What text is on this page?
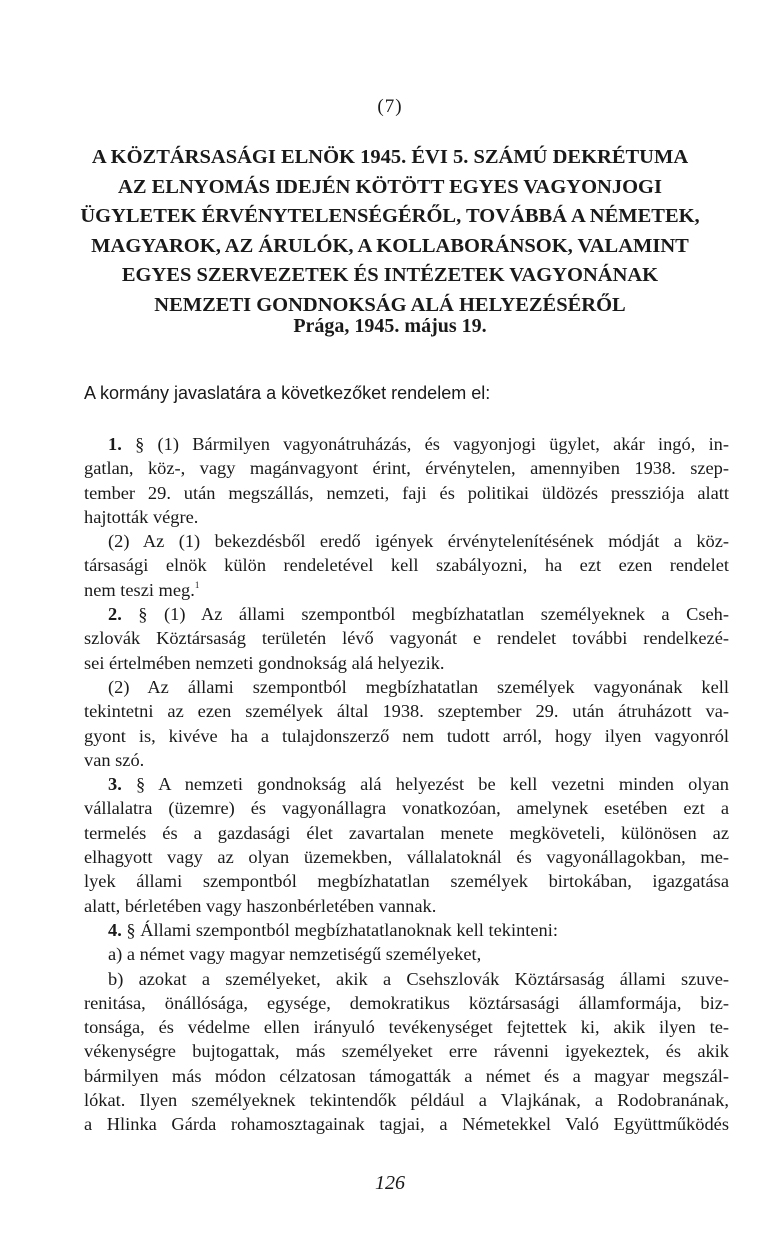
(7)
A KÖZTÁRSASÁGI ELNÖK 1945. ÉVI 5. SZÁMÚ DEKRÉTUMA
AZ ELNYOMÁS IDEJÉN KÖTÖTT EGYES VAGYONJOGI
ÜGYLETEK ÉRVÉNYTELENSÉGÉRŐL, TOVÁBBÁ A NÉMETEK,
MAGYAROK, AZ ÁRULÓK, A KOLLABORÁNSOK, VALAMINT
EGYES SZERVEZETEK ÉS INTÉZETEK VAGYONÁNAK
NEMZETI GONDNOKSÁG ALÁ HELYEZÉSÉRŐL
Prága, 1945. május 19.
A kormány javaslatára a következőket rendelem el:
1. § (1) Bármilyen vagyonátruházás, és vagyonjogi ügylet, akár ingó, in-
gatlan, köz-, vagy magánvagyont érint, érvénytelen, amennyiben 1938. szep-
tember 29. után megszállás, nemzeti, faji és politikai üldözés pressziója alatt
hajtották végre.
(2) Az (1) bekezdésből eredő igények érvénytelenítésének módját a köz-
társasági elnök külön rendeletével kell szabályozni, ha ezt ezen rendelet
nem teszi meg.$^1$
2. § (1) Az állami szempontból megbízhatatlan személyeknek a Cseh-
szlovák Köztársaság területén lévő vagyonát e rendelet további rendelkezé-
sei értelmében nemzeti gondnokság alá helyezik.
(2) Az állami szempontból megbízhatatlan személyek vagyonának kell
tekintetni az ezen személyek által 1938. szeptember 29. után átruházott va-
gyont is, kivéve ha a tulajdonszerző nem tudott arról, hogy ilyen vagyonról
van szó.
3. § A nemzeti gondnokság alá helyezést be kell vezetni minden olyan
vállalatra (üzemre) és vagyonállagra vonatkozóan, amelynek esetében ezt a
termelés és a gazdasági élet zavartalan menete megköveteli, különösen az
elhagyott vagy az olyan üzemekben, vállalatoknál és vagyonállagokban, me-
lyek állami szempontból megbízhatatlan személyek birtokában, igazgatása
alatt, bérletében vagy haszonbérletében vannak.
4. § Állami szempontból megbízhatatlanoknak kell tekinteni:
a) a német vagy magyar nemzetiségű személyeket,
b) azokat a személyeket, akik a Csehszlovák Köztársaság állami szuve-
renitása, önállósága, egysége, demokratikus köztársasági államformája, biz-
tonsága, és védelme ellen irányuló tevékenységet fejtettek ki, akik ilyen te-
vékenységre bujtogattak, más személyeket erre rávenni igyekeztek, és akik
bármilyen más módon célzatosan támogatták a német és a magyar megszál-
lókat. Ilyen személyeknek tekintendők például a Vlajkának, a Rodobranának,
a Hlinka Gárda rohamosztagainak tagjai, a Németekkel Való Együttműködés
126
